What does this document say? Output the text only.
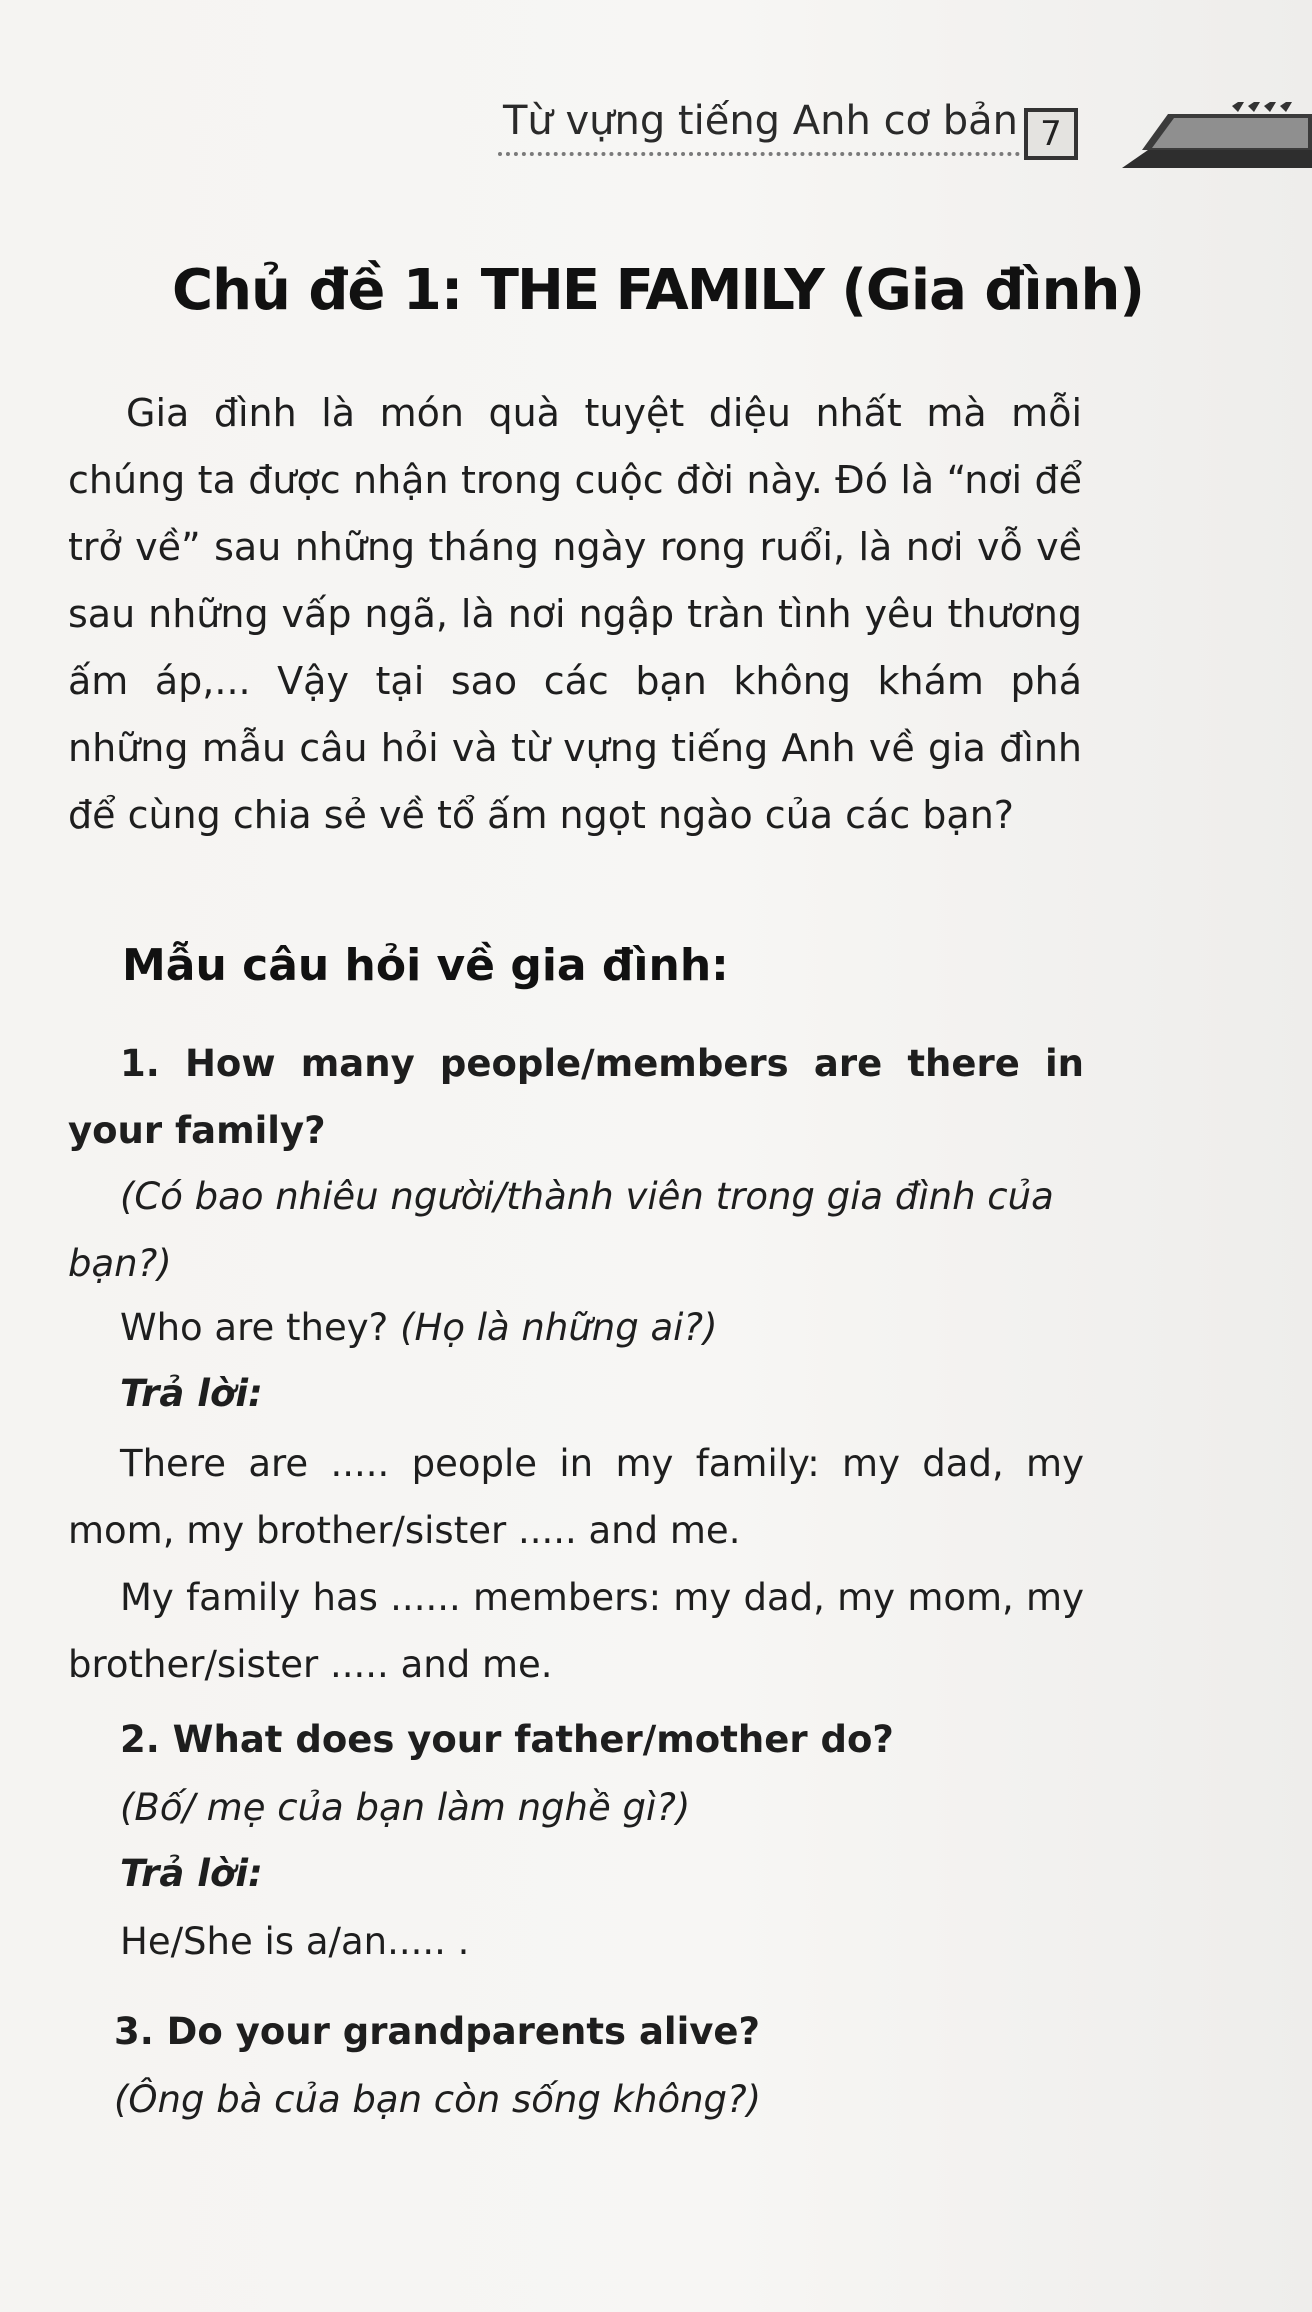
Từ vựng tiếng Anh cơ bản 7
Chủ đề 1: THE FAMILY (Gia đình)
Gia đình là món quà tuyệt diệu nhất mà mỗi chúng ta được nhận trong cuộc đời này. Đó là “nơi để trở về” sau những tháng ngày rong ruổi, là nơi vỗ về sau những vấp ngã, là nơi ngập tràn tình yêu thương ấm áp,... Vậy tại sao các bạn không khám phá những mẫu câu hỏi và từ vựng tiếng Anh về gia đình để cùng chia sẻ về tổ ấm ngọt ngào của các bạn?
Mẫu câu hỏi về gia đình:
1. How many people/members are there in your family?
(Có bao nhiêu người/thành viên trong gia đình của bạn?)
Who are they? (Họ là những ai?)
Trả lời:
There are ..... people in my family: my dad, my mom, my brother/sister ..... and me.
My family has ...... members: my dad, my mom, my brother/sister ..... and me.
2. What does your father/mother do?
(Bố/ mẹ của bạn làm nghề gì?)
Trả lời:
He/She is a/an..... .
3. Do your grandparents alive?
(Ông bà của bạn còn sống không?)
